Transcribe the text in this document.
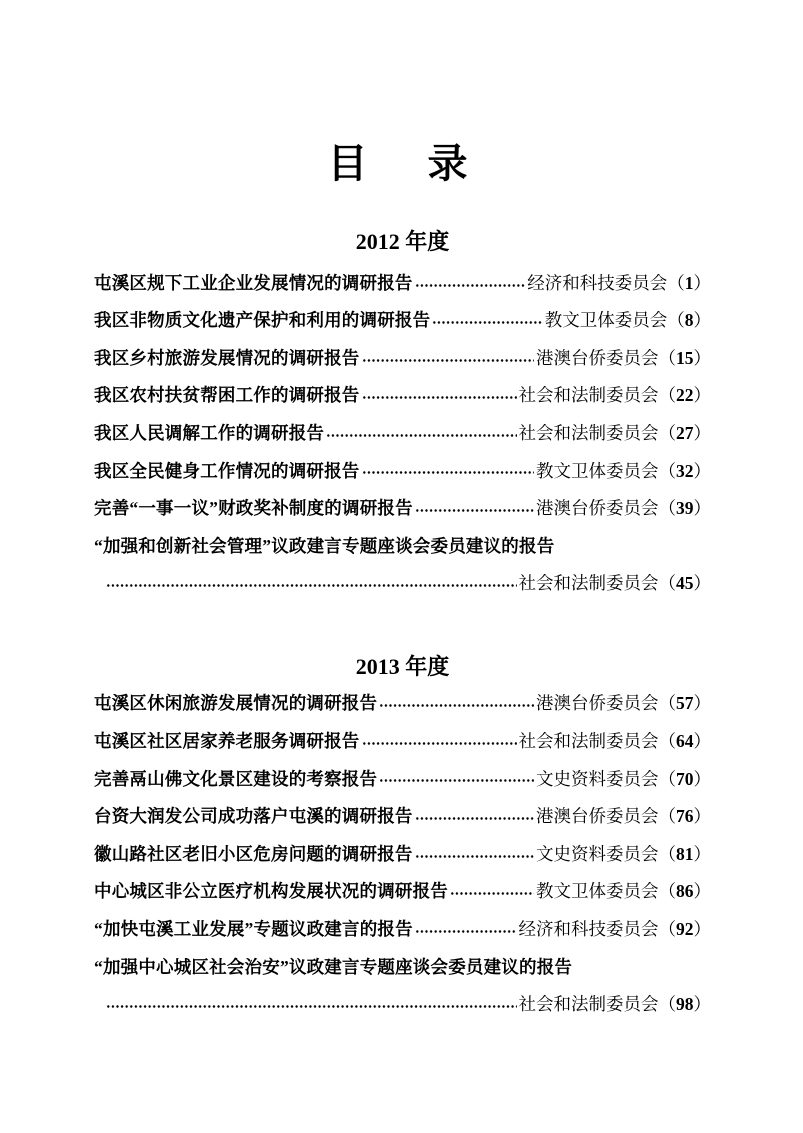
目　录
2012 年度
屯溪区规下工业企业发展情况的调研报告	经济和科技委员会（1）
我区非物质文化遗产保护和利用的调研报告	教文卫体委员会（8）
我区乡村旅游发展情况的调研报告	港澳台侨委员会（15）
我区农村扶贫帮困工作的调研报告	社会和法制委员会（22）
我区人民调解工作的调研报告	社会和法制委员会（27）
我区全民健身工作情况的调研报告	教文卫体委员会（32）
完善“一事一议”财政奖补制度的调研报告	港澳台侨委员会（39）
“加强和创新社会管理”议政建言专题座谈会委员建议的报告
社会和法制委员会（45）
2013 年度
屯溪区休闲旅游发展情况的调研报告	港澳台侨委员会（57）
屯溪区社区居家养老服务调研报告	社会和法制委员会（64）
完善鬲山佛文化景区建设的考察报告	文史资料委员会（70）
台资大润发公司成功落户屯溪的调研报告	港澳台侨委员会（76）
徽山路社区老旧小区危房问题的调研报告	文史资料委员会（81）
中心城区非公立医疗机构发展状况的调研报告	教文卫体委员会（86）
“加快屯溪工业发展”专题议政建言的报告	经济和科技委员会（92）
“加强中心城区社会治安”议政建言专题座谈会委员建议的报告
社会和法制委员会（98）
